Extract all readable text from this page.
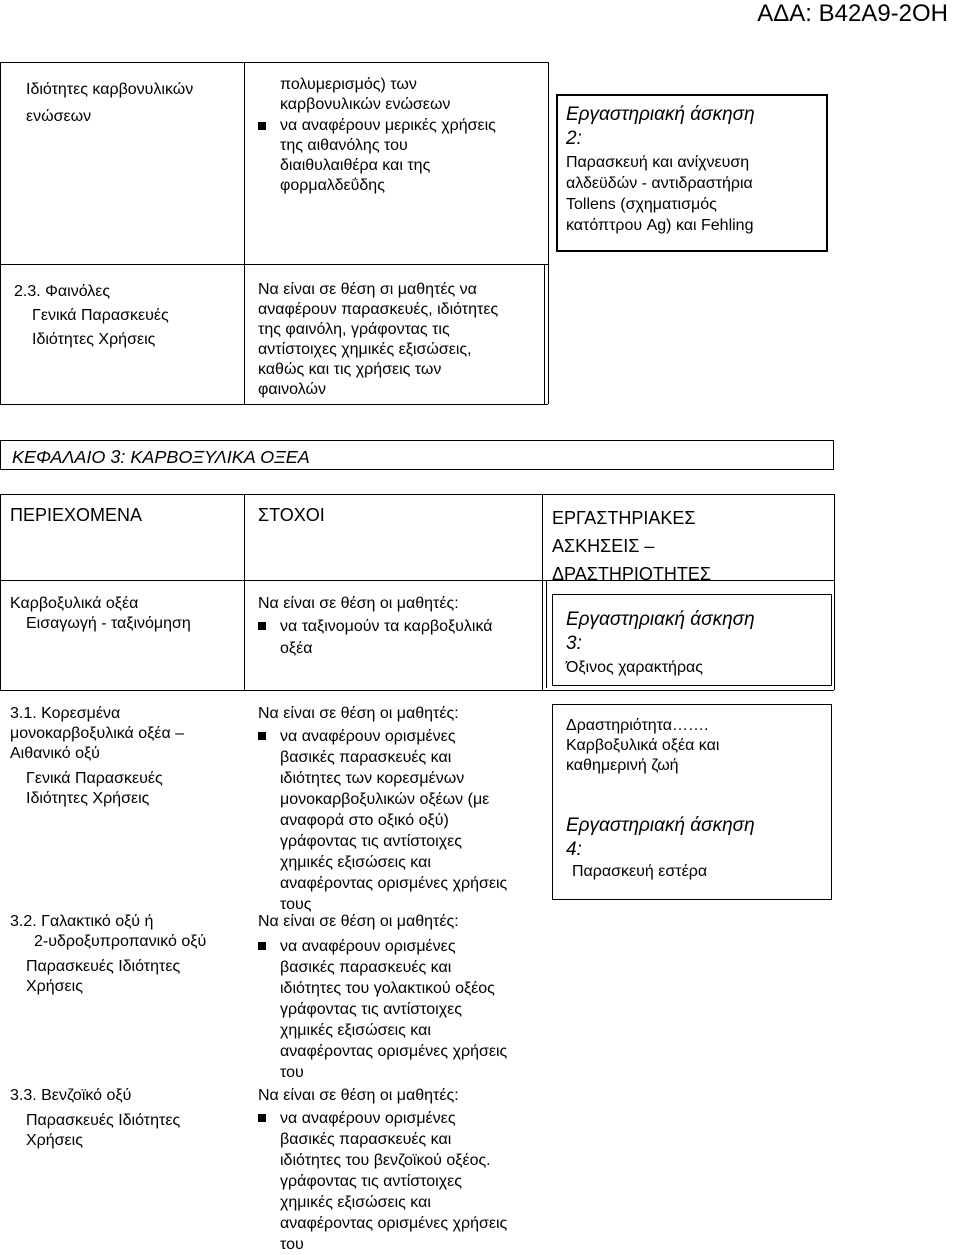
ΑΔΑ: Β42Α9-2ΟΗ
Ιδιότητες καρβονυλικών
ενώσεων
πολυμερισμός) των
καρβονυλικών ενώσεων
να αναφέρουν μερικές χρήσεις
της αιθανόλης του
διαιθυλαιθέρα και της
φορμαλδεΰδης
Εργαστηριακή άσκηση
2:
Παρασκευή και ανίχνευση
αλδεϋδών - αντιδραστήρια
Tollens (σχηματισμός
κατόπτρου Ag) και Fehling
2.3. Φαινόλες
Γενικά Παρασκευές
Ιδιότητες Χρήσεις
Να είναι σε θέση σι μαθητές να
αναφέρουν παρασκευές, ιδιότητες
της φαινόλη, γράφοντας τις
αντίστοιχες χημικές εξισώσεις,
καθώς και τις χρήσεις των
φαινολών
ΚΕΦΑΛΑΙΟ 3: ΚΑΡΒΟΞΥΛΙΚΑ ΟΞΕΑ
ΠΕΡΙΕΧΟΜΕΝΑ	ΣΤΟΧΟΙ	ΕΡΓΑΣΤΗΡΙΑΚΕΣ
ΑΣΚΗΣΕΙΣ –
ΔΡΑΣΤΗΡΙΟΤΗΤΕΣ
Καρβοξυλικά οξέα
Εισαγωγή - ταξινόμηση
Να είναι σε θέση οι μαθητές:
να ταξινομούν τα καρβοξυλικά
οξέα
Εργαστηριακή άσκηση
3:
Όξινος χαρακτήρας
3.1. Κορεσμένα
μονοκαρβοξυλικά οξέα –
Αιθανικό οξύ
Γενικά Παρασκευές
Ιδιότητες Χρήσεις
Να είναι σε θέση οι μαθητές:
να αναφέρουν ορισμένες
βασικές παρασκευές και
ιδιότητες των κορεσμένων
μονοκαρβοξυλικών οξέων (με
αναφορά στο οξικό οξύ)
γράφοντας τις αντίστοιχες
χημικές εξισώσεις και
αναφέροντας ορισμένες χρήσεις
τους
Δραστηριότητα…….
Καρβοξυλικά οξέα και
καθημερινή ζωή
Εργαστηριακή άσκηση
4:
Παρασκευή εστέρα
3.2. Γαλακτικό οξύ ή
2-υδροξυπροπανικό οξύ
Παρασκευές Ιδιότητες
Χρήσεις
Να είναι σε θέση οι μαθητές:
να αναφέρουν ορισμένες
βασικές παρασκευές και
ιδιότητες του γολακτικού οξέος
γράφοντας τις αντίστοιχες
χημικές εξισώσεις και
αναφέροντας ορισμένες χρήσεις
του
3.3. Βενζοϊκό οξύ
Παρασκευές Ιδιότητες
Χρήσεις
Να είναι σε θέση οι μαθητές:
να αναφέρουν ορισμένες
βασικές παρασκευές και
ιδιότητες του βενζοϊκού οξέος.
γράφοντας τις αντίστοιχες
χημικές εξισώσεις και
αναφέροντας ορισμένες χρήσεις
του
